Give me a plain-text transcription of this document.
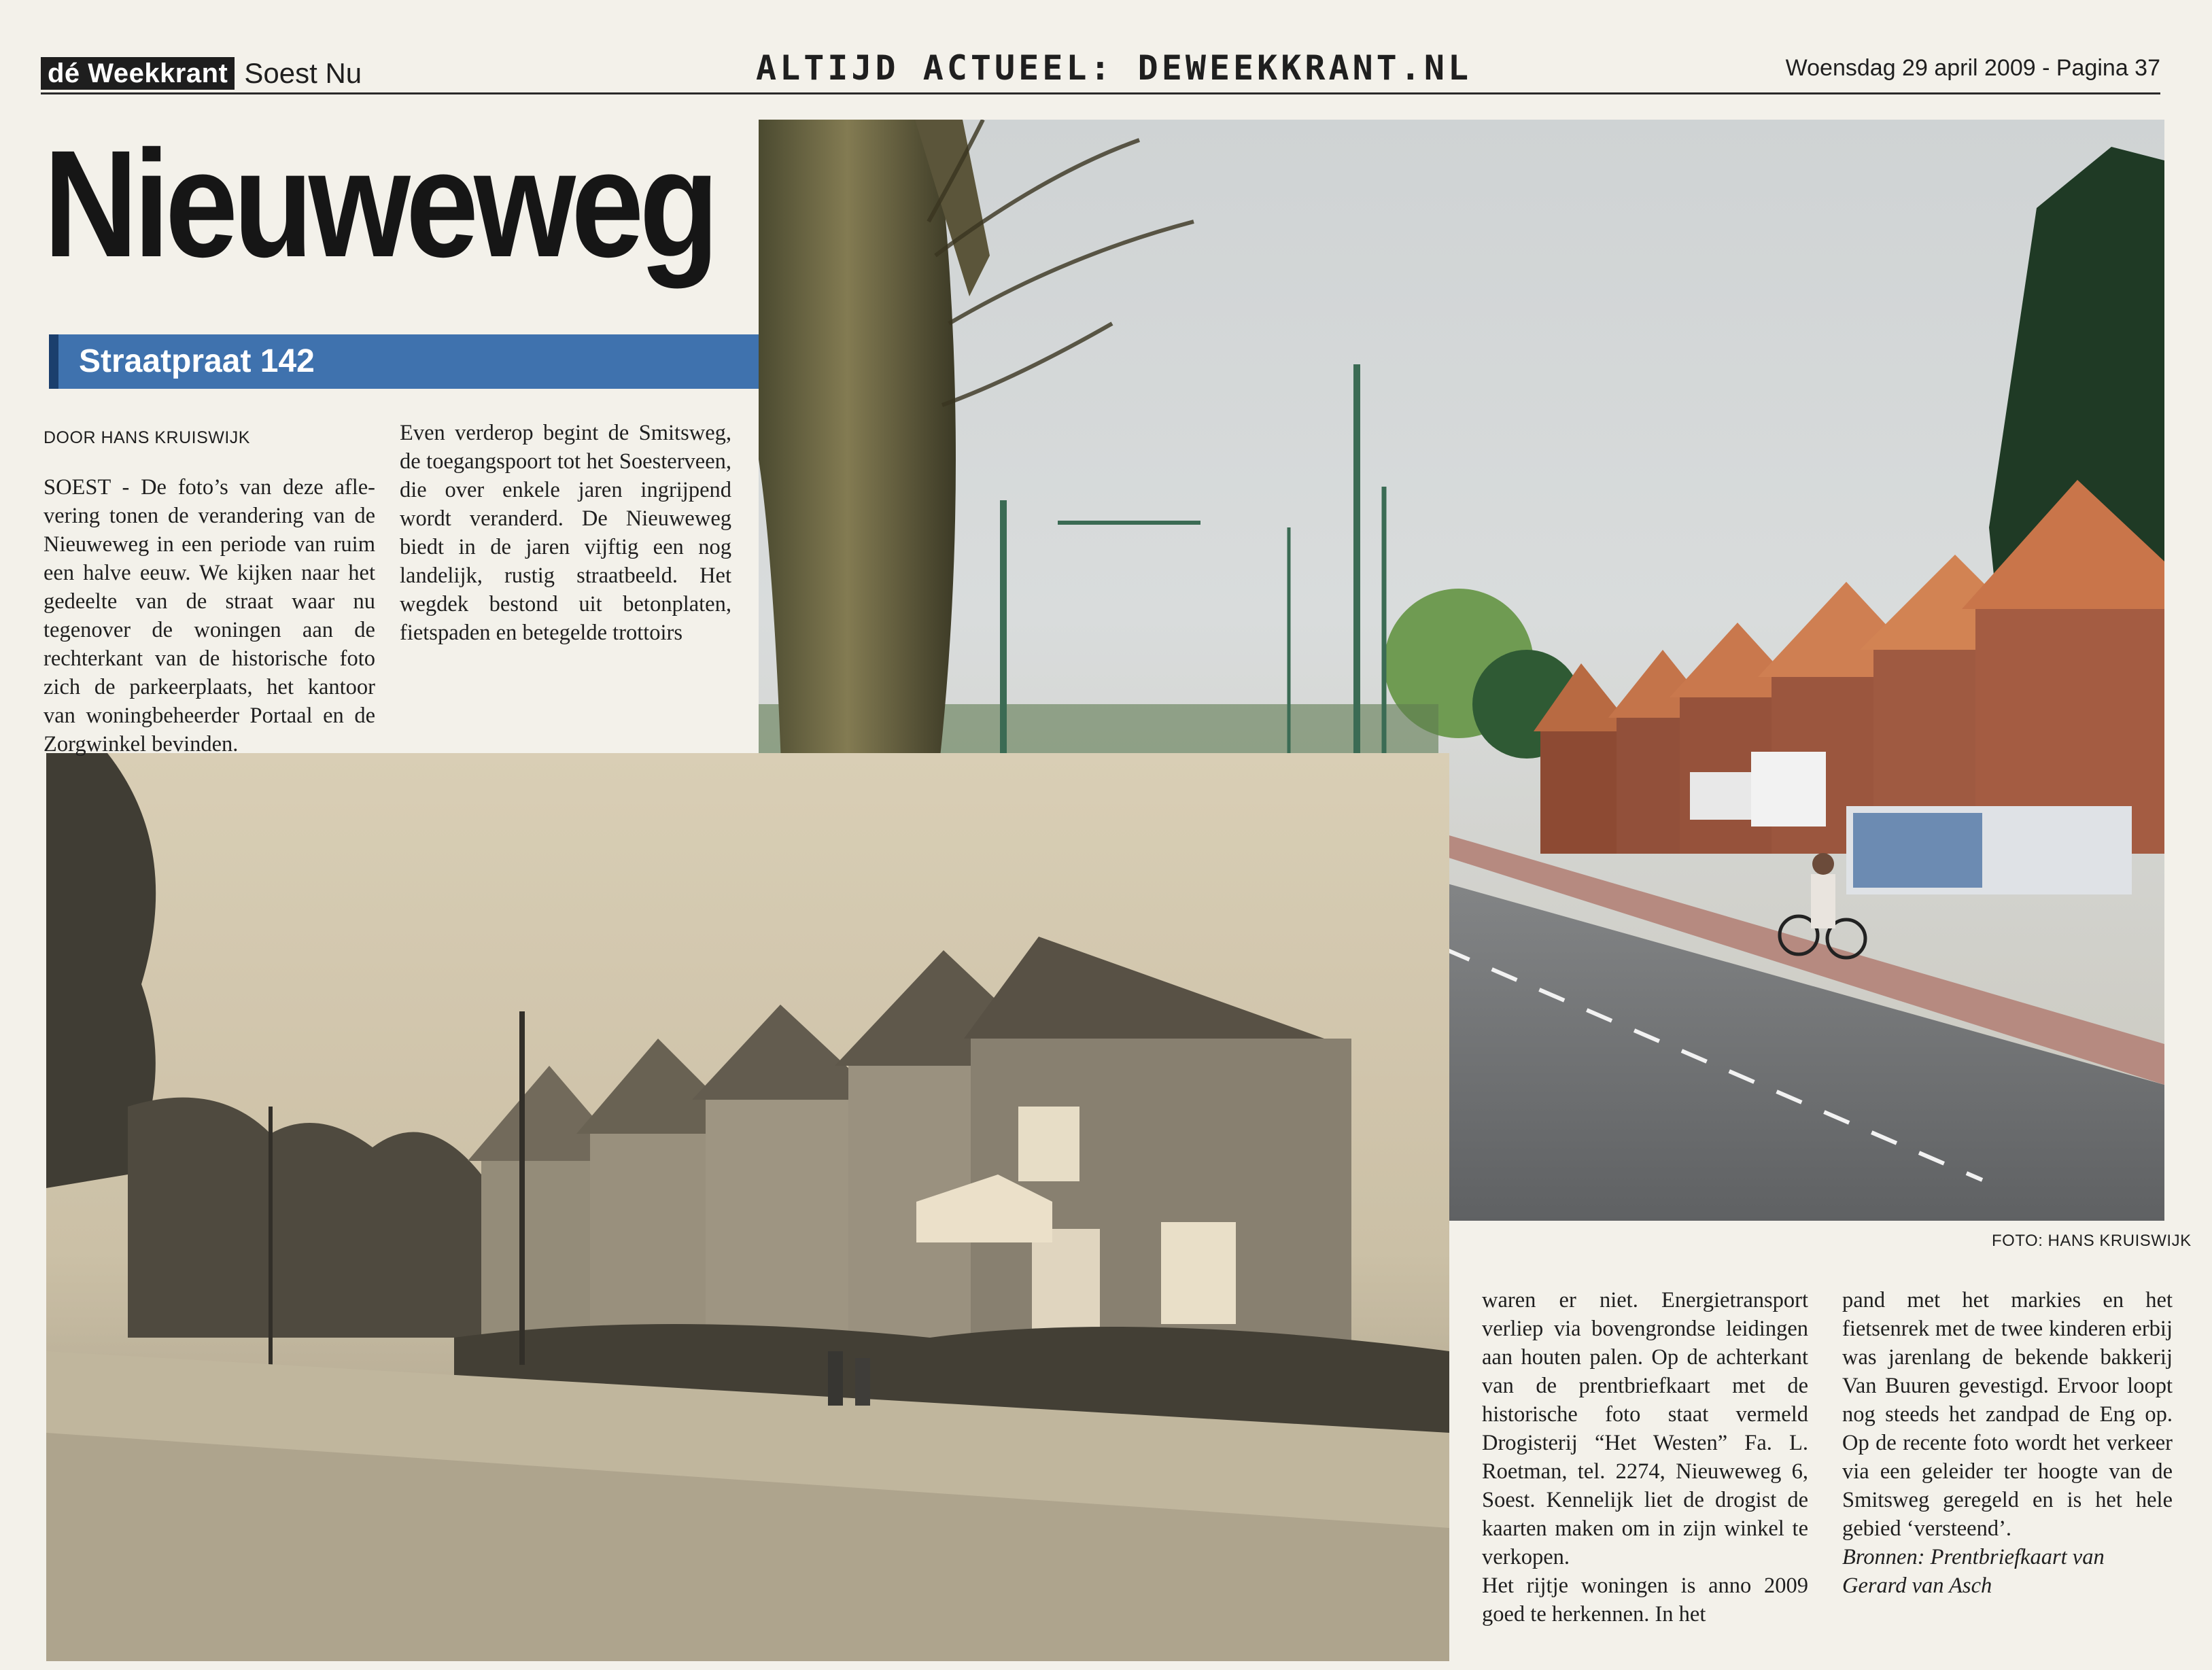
dé Weekkrant Soest Nu	ALTIJD ACTUEEL: DEWEEKKRANT.NL	Woensdag 29 april 2009 - Pagina 37
Nieuweweg
Straatpraat 142
DOOR HANS KRUISWIJK

SOEST - De foto’s van deze aflevering tonen de verandering van de Nieuweweg in een periode van ruim een halve eeuw. We kijken naar het gedeelte van de straat waar nu tegenover de woningen aan de rechterkant van de historische foto zich de parkeerplaats, het kantoor van woningbeheerder Portaal en de Zorgwinkel bevinden.

Even verderop begint de Smitsweg, de toegangspoort tot het Soesterveen, die over enkele jaren ingrijpend wordt veranderd. De Nieuweweg biedt in de jaren vijftig een nog landelijk, rustig straatbeeld. Het wegdek bestond uit betonplaten, fietspaden en betegelde trottoirs

FOTO: HANS KRUISWIJK

waren er niet. Energietransport verliep via bovengrondse leidingen aan houten palen. Op de achterkant van de prentbriefkaart met de historische foto staat vermeld Drogisterij “Het Westen” Fa. L. Roetman, tel. 2274, Nieuweweg 6, Soest. Kennelijk liet de drogist de kaarten maken om in zijn winkel te verkopen.

Het rijtje woningen is anno 2009 goed te herkennen. In het

pand met het markies en het fietsenrek met de twee kinderen erbij was jarenlang de bekende bakkerij Van Buuren gevestigd. Ervoor loopt nog steeds het zandpad de Eng op. Op de recente foto wordt het verkeer via een geleider ter hoogte van de Smitsweg geregeld en is het hele gebied ‘versteend’.

Bronnen: Prentbriefkaart van Gerard van Asch
